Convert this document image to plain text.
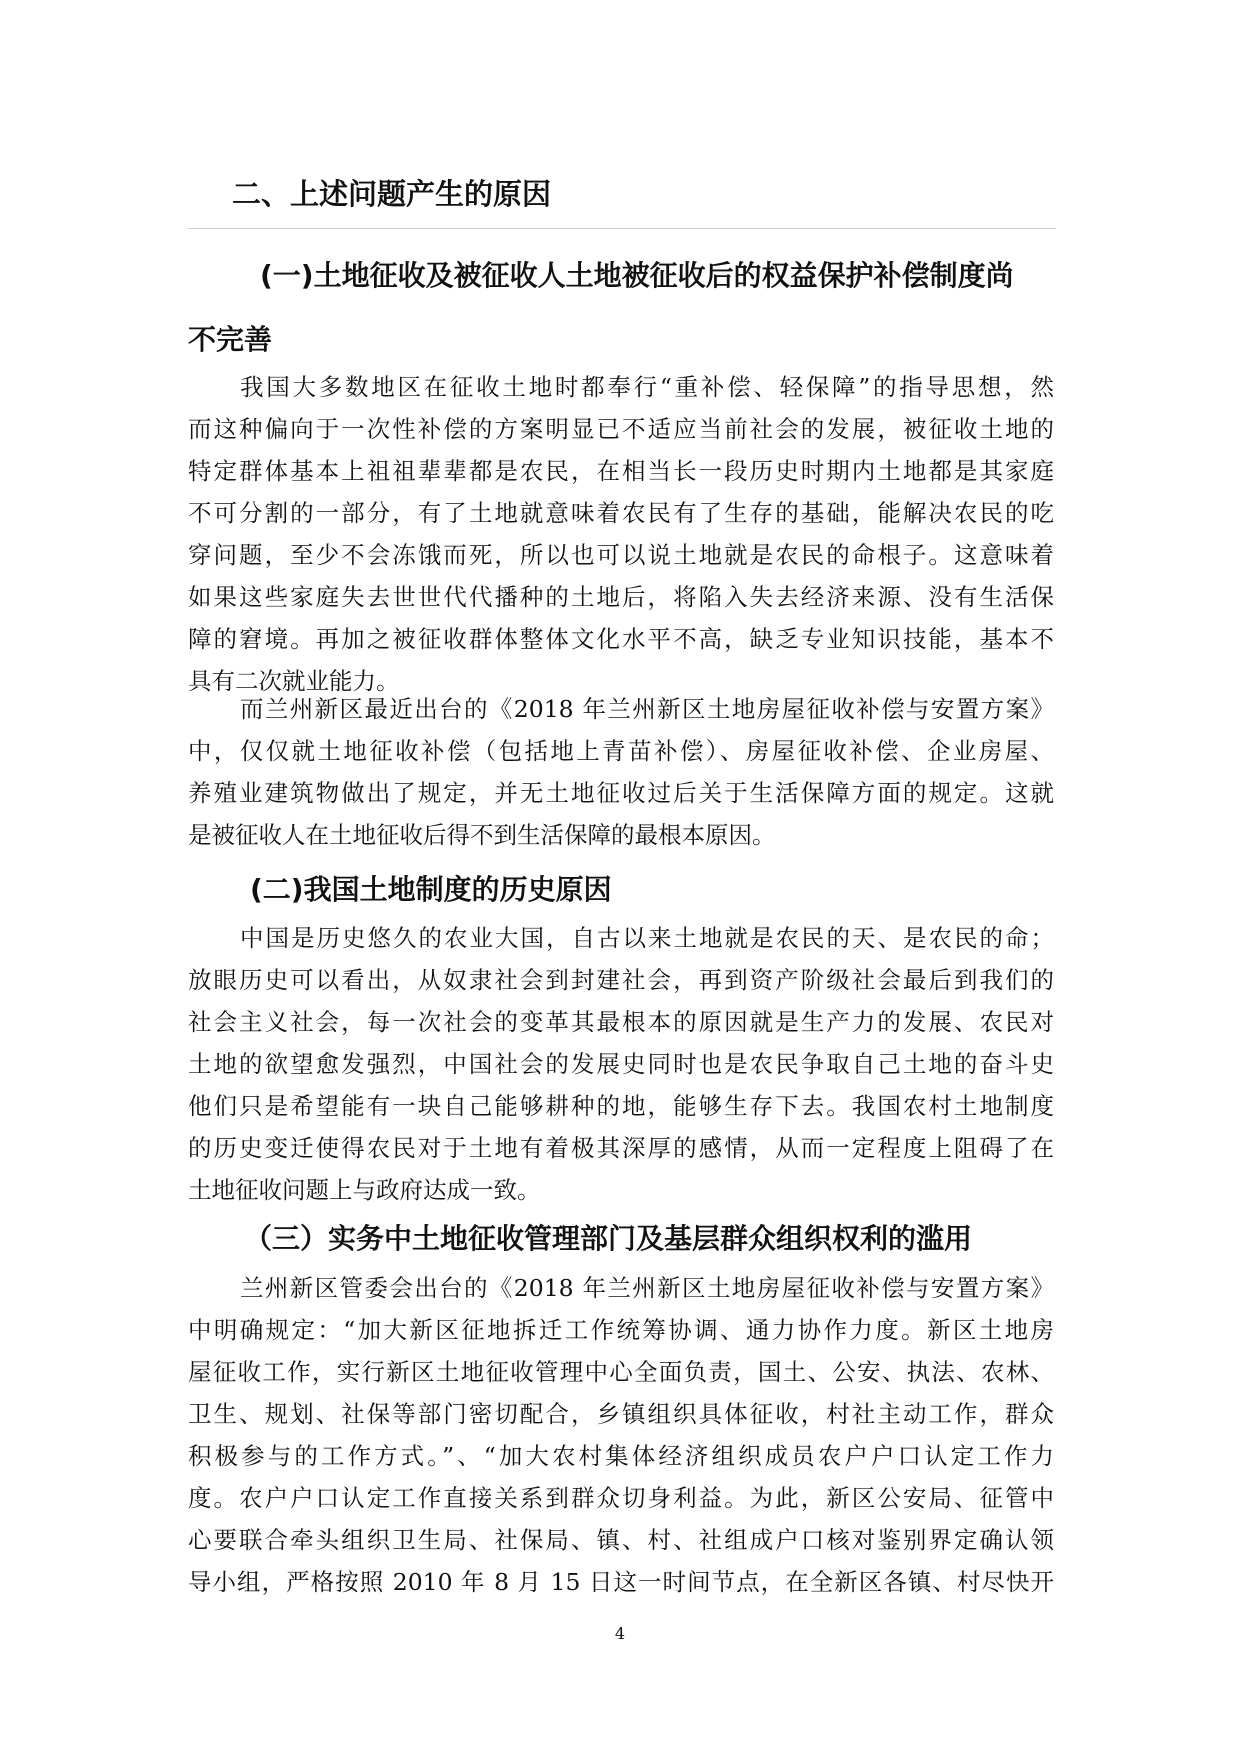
二、上述问题产生的原因
(一)土地征收及被征收人土地被征收后的权益保护补偿制度尚
不完善
我国大多数地区在征收土地时都奉行“重补偿、轻保障”的指导思想，然
而这种偏向于一次性补偿的方案明显已不适应当前社会的发展，被征收土地的
特定群体基本上祖祖辈辈都是农民，在相当长一段历史时期内土地都是其家庭
不可分割的一部分，有了土地就意味着农民有了生存的基础，能解决农民的吃
穿问题，至少不会冻饿而死，所以也可以说土地就是农民的命根子。这意味着
如果这些家庭失去世世代代播种的土地后，将陷入失去经济来源、没有生活保
障的窘境。再加之被征收群体整体文化水平不高，缺乏专业知识技能，基本不
具有二次就业能力。
而兰州新区最近出台的《2018 年兰州新区土地房屋征收补偿与安置方案》
中，仅仅就土地征收补偿（包括地上青苗补偿）、房屋征收补偿、企业房屋、
养殖业建筑物做出了规定，并无土地征收过后关于生活保障方面的规定。这就
是被征收人在土地征收后得不到生活保障的最根本原因。
(二)我国土地制度的历史原因
中国是历史悠久的农业大国，自古以来土地就是农民的天、是农民的命；
放眼历史可以看出，从奴隶社会到封建社会，再到资产阶级社会最后到我们的
社会主义社会，每一次社会的变革其最根本的原因就是生产力的发展、农民对
土地的欲望愈发强烈，中国社会的发展史同时也是农民争取自己土地的奋斗史
他们只是希望能有一块自己能够耕种的地，能够生存下去。我国农村土地制度
的历史变迁使得农民对于土地有着极其深厚的感情，从而一定程度上阻碍了在
土地征收问题上与政府达成一致。
（三）实务中土地征收管理部门及基层群众组织权利的滥用
兰州新区管委会出台的《2018 年兰州新区土地房屋征收补偿与安置方案》
中明确规定：“加大新区征地拆迁工作统筹协调、通力协作力度。新区土地房
屋征收工作，实行新区土地征收管理中心全面负责，国土、公安、执法、农林、
卫生、规划、社保等部门密切配合，乡镇组织具体征收，村社主动工作，群众
积极参与的工作方式。”、“加大农村集体经济组织成员农户户口认定工作力
度。农户户口认定工作直接关系到群众切身利益。为此，新区公安局、征管中
心要联合牵头组织卫生局、社保局、镇、村、社组成户口核对鉴别界定确认领
导小组，严格按照 2010 年 8 月 15 日这一时间节点，在全新区各镇、村尽快开
4
